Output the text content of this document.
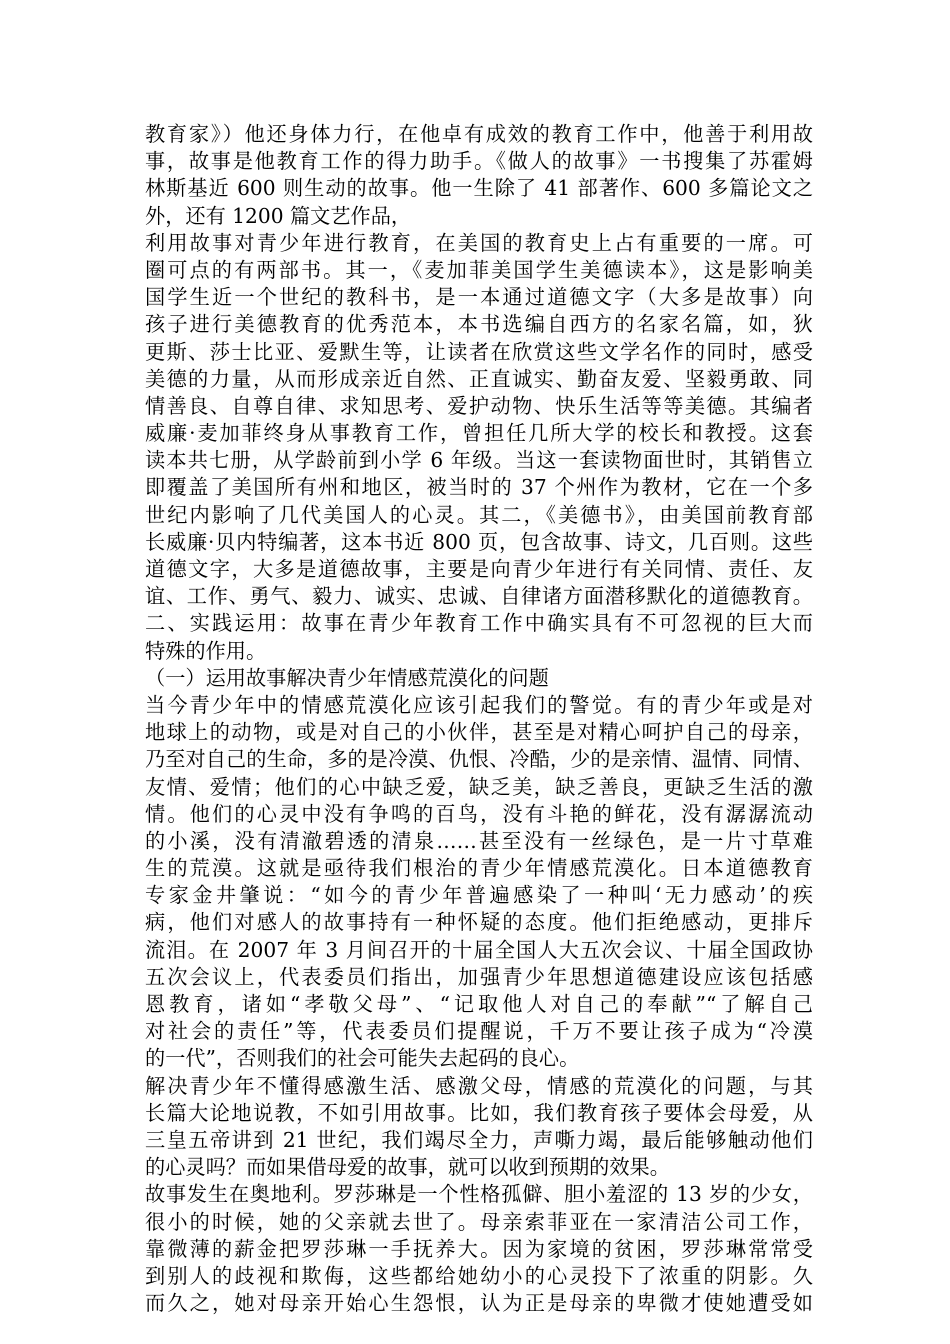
教育家》）他还身体力行，在他卓有成效的教育工作中，他善于利用故
事，故事是他教育工作的得力助手。《做人的故事》一书搜集了苏霍姆
林斯基近 600 则生动的故事。他一生除了 41 部著作、600 多篇论文之
外，还有 1200 篇文艺作品，
利用故事对青少年进行教育，在美国的教育史上占有重要的一席。可
圈可点的有两部书。其一，《麦加菲美国学生美德读本》，这是影响美
国学生近一个世纪的教科书，是一本通过道德文字（大多是故事）向
孩子进行美德教育的优秀范本，本书选编自西方的名家名篇，如，狄
更斯、莎士比亚、爱默生等，让读者在欣赏这些文学名作的同时，感受
美德的力量，从而形成亲近自然、正直诚实、勤奋友爱、坚毅勇敢、同
情善良、自尊自律、求知思考、爱护动物、快乐生活等等美德。其编者
威廉·麦加菲终身从事教育工作，曾担任几所大学的校长和教授。这套
读本共七册，从学龄前到小学 6 年级。当这一套读物面世时，其销售立
即覆盖了美国所有州和地区，被当时的 37 个州作为教材，它在一个多
世纪内影响了几代美国人的心灵。其二，《美德书》，由美国前教育部
长威廉·贝内特编著，这本书近 800 页，包含故事、诗文，几百则。这些
道德文字，大多是道德故事，主要是向青少年进行有关同情、责任、友
谊、工作、勇气、毅力、诚实、忠诚、自律诸方面潜移默化的道德教育。
二、实践运用：故事在青少年教育工作中确实具有不可忽视的巨大而
特殊的作用。
（一）运用故事解决青少年情感荒漠化的问题
当今青少年中的情感荒漠化应该引起我们的警觉。有的青少年或是对
地球上的动物，或是对自己的小伙伴，甚至是对精心呵护自己的母亲，
乃至对自己的生命，多的是冷漠、仇恨、冷酷，少的是亲情、温情、同情、
友情、爱情；他们的心中缺乏爱，缺乏美，缺乏善良，更缺乏生活的激
情。他们的心灵中没有争鸣的百鸟，没有斗艳的鲜花，没有潺潺流动
的小溪，没有清澈碧透的清泉……甚至没有一丝绿色，是一片寸草难
生的荒漠。这就是亟待我们根治的青少年情感荒漠化。日本道德教育
专家金井肇说：“如今的青少年普遍感染了一种叫‘无力感动’的疾
病，他们对感人的故事持有一种怀疑的态度。他们拒绝感动，更排斥
流泪。在 2007 年 3 月间召开的十届全国人大五次会议、十届全国政协
五次会议上，代表委员们指出，加强青少年思想道德建设应该包括感
恩教育，诸如“孝敬父母”、“记取他人对自己的奉献”“了解自己
对社会的责任”等，代表委员们提醒说，千万不要让孩子成为“冷漠
的一代”，否则我们的社会可能失去起码的良心。
解决青少年不懂得感激生活、感激父母，情感的荒漠化的问题，与其
长篇大论地说教，不如引用故事。比如，我们教育孩子要体会母爱，从
三皇五帝讲到 21 世纪，我们竭尽全力，声嘶力竭，最后能够触动他们
的心灵吗？而如果借母爱的故事，就可以收到预期的效果。
故事发生在奥地利。罗莎琳是一个性格孤僻、胆小羞涩的 13 岁的少女，
很小的时候，她的父亲就去世了。母亲索菲亚在一家清洁公司工作，
靠微薄的薪金把罗莎琳一手抚养大。因为家境的贫困，罗莎琳常常受
到别人的歧视和欺侮，这些都给她幼小的心灵投下了浓重的阴影。久
而久之，她对母亲开始心生怨恨，认为正是母亲的卑微才使她遭受如
